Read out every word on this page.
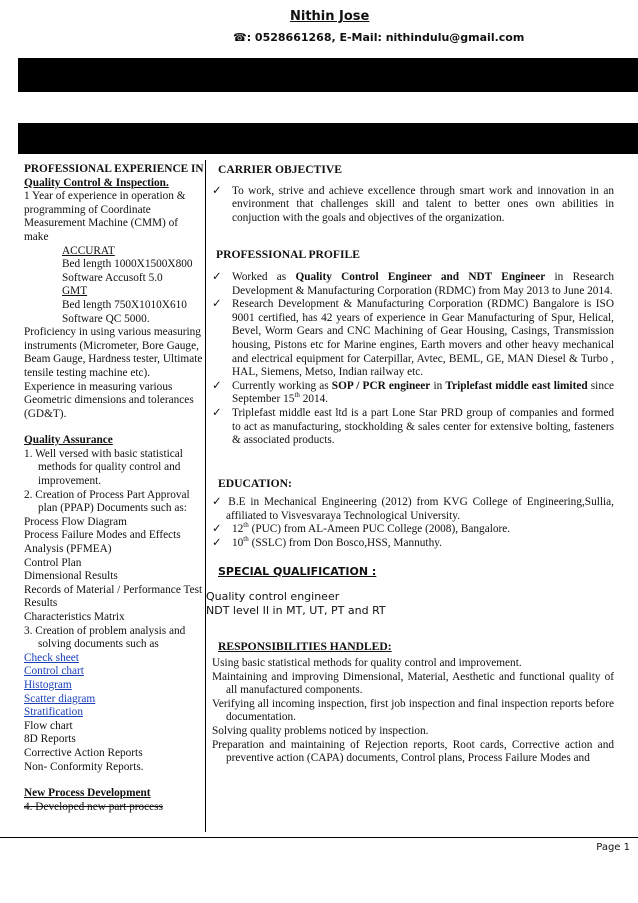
Nithin Jose
☎: 0528661268, E-Mail: nithindulu@gmail.com

PROFESSIONAL EXPERIENCE IN

Quality Control & Inspection.

1 Year of experience in operation & programming of Coordinate Measurement Machine (CMM) of make

ACCURAT

Bed length 1000X1500X800

Software Accusoft 5.0

GMT

Bed length 750X1010X610

Software QC 5000.

Proficiency in using various measuring instruments (Micrometer, Bore Gauge, Beam Gauge, Hardness tester, Ultimate tensile testing machine etc).

Experience in measuring various Geometric dimensions and tolerances (GD&T).

Quality Assurance

1. Well versed with basic statistical methods for quality control and improvement.

2. Creation of Process Part Approval plan (PPAP) Documents such as:

Process Flow Diagram

Process Failure Modes and Effects Analysis (PFMEA)

Control Plan

Dimensional Results

Records of Material / Performance Test Results

Characteristics Matrix

3. Creation of problem analysis and solving documents such as

Check sheet

Control chart

Histogram

Scatter diagram

Stratification

Flow chart

8D Reports

Corrective Action Reports

Non- Conformity Reports.

New Process Development

4. Developed new part process

CARRIER OBJECTIVE

✓ To work, strive and achieve excellence through smart work and innovation in an environment that challenges skill and talent to better ones own abilities in conjuction with the goals and objectives of the organization.

PROFESSIONAL PROFILE

✓ Worked as Quality Control Engineer and NDT Engineer in Research Development & Manufacturing Corporation (RDMC) from May 2013 to June 2014.

✓ Research Development & Manufacturing Corporation (RDMC) Bangalore is ISO 9001 certified, has 42 years of experience in Gear Manufacturing of Spur, Helical, Bevel, Worm Gears and CNC Machining of Gear Housing, Casings, Transmission housing, Pistons etc for Marine engines, Earth movers and other heavy mechanical and electrical equipment for Caterpillar, Avtec, BEML, GE, MAN Diesel & Turbo , HAL, Siemens, Metso, Indian railway etc.

✓ Currently working as SOP / PCR engineer in Triplefast middle east limited since September 15th 2014.

✓ Triplefast middle east ltd is a part Lone Star PRD group of companies and formed to act as manufacturing, stockholding & sales center for extensive bolting, fasteners & associated products.

EDUCATION:

✓ B.E in Mechanical Engineering (2012) from KVG College of Engineering,Sullia, affiliated to Visvesvaraya Technological University.

✓ 12th (PUC) from AL-Ameen PUC College (2008), Bangalore.

✓ 10th (SSLC) from Don Bosco,HSS, Mannuthy.

SPECIAL QUALIFICATION :

Quality control engineer

NDT level II in MT, UT, PT and RT

RESPONSIBILITIES HANDLED:

Using basic statistical methods for quality control and improvement.

Maintaining and improving Dimensional, Material, Aesthetic and functional quality of all manufactured components.

Verifying all incoming inspection, first job inspection and final inspection reports before documentation.

Solving quality problems noticed by inspection.

Preparation and maintaining of Rejection reports, Root cards, Corrective action and preventive action (CAPA) documents, Control plans, Process Failure Modes and

Page 1
